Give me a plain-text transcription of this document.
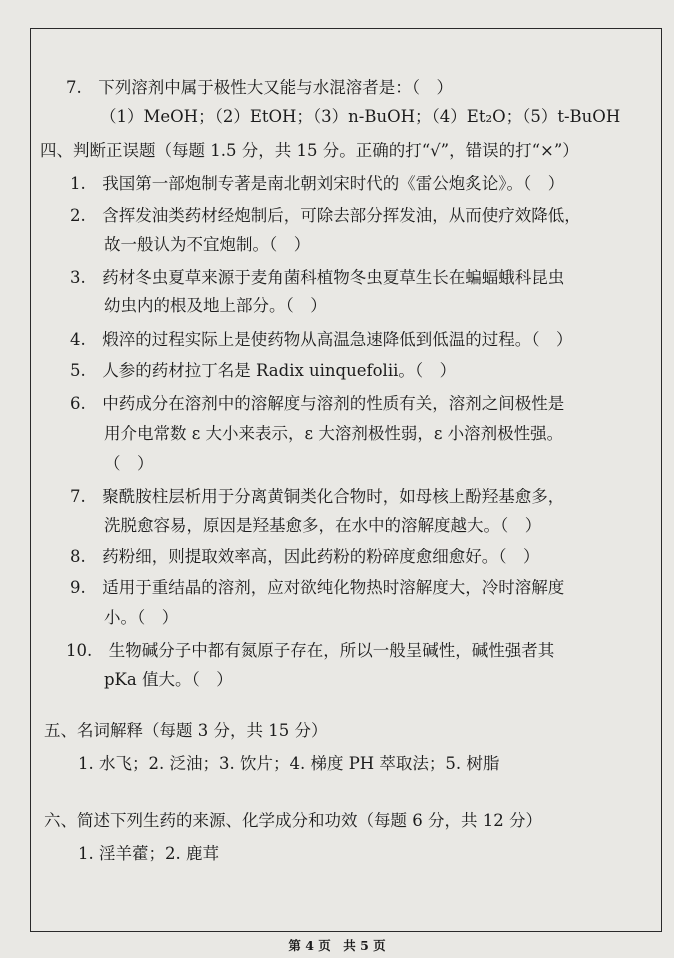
7.　下列溶剂中属于极性大又能与水混溶者是：（　）
（1）MeOH；（2）EtOH；（3）n-BuOH；（4）Et₂O；（5）t-BuOH
四、判断正误题（每题 1.5 分，共 15 分。正确的打“√”，错误的打“×”）
1.　我国第一部炮制专著是南北朝刘宋时代的《雷公炮炙论》。（　）
2.　含挥发油类药材经炮制后，可除去部分挥发油，从而使疗效降低，
故一般认为不宜炮制。（　）
3.　药材冬虫夏草来源于麦角菌科植物冬虫夏草生长在蝙蝠蛾科昆虫
幼虫内的根及地上部分。（　）
4.　煅淬的过程实际上是使药物从高温急速降低到低温的过程。（　）
5.　人参的药材拉丁名是 Radix uinquefolii。（　）
6.　中药成分在溶剂中的溶解度与溶剂的性质有关，溶剂之间极性是
用介电常数 ε 大小来表示，ε 大溶剂极性弱，ε 小溶剂极性强。
（　）
7.　聚酰胺柱层析用于分离黄铜类化合物时，如母核上酚羟基愈多，
洗脱愈容易，原因是羟基愈多，在水中的溶解度越大。（　）
8.　药粉细，则提取效率高，因此药粉的粉碎度愈细愈好。（　）
9.　适用于重结晶的溶剂，应对欲纯化物热时溶解度大，冷时溶解度
小。（　）
10.　生物碱分子中都有氮原子存在，所以一般呈碱性，碱性强者其
pKa 值大。（　）
五、名词解释（每题 3 分，共 15 分）
1. 水飞；2. 泛油；3. 饮片；4. 梯度 PH 萃取法；5. 树脂
六、简述下列生药的来源、化学成分和功效（每题 6 分，共 12 分）
1. 淫羊藿；2. 鹿茸
第 4 页　共 5 页
